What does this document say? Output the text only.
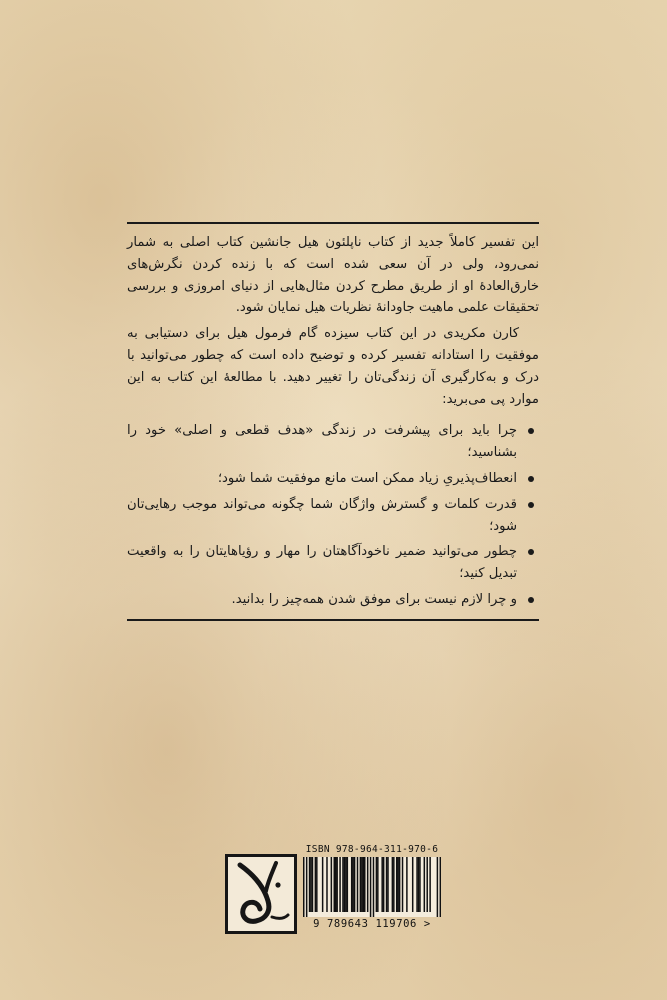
این تفسیر کاملاً جدید از کتاب ناپلئون هیل جانشین کتاب اصلی به شمار نمی‌رود، ولی در آن سعی شده است که با زنده کردن نگرش‌های خارق‌العادهٔ او از طریق مطرح کردن مثال‌هایی از دنیای امروزی و بررسی تحقیقات علمی ماهیت جاودانهٔ نظریات هیل نمایان شود.

کارن مکریدی در این کتاب سیزده گام فرمول هیل برای دستیابی به موفقیت را استادانه تفسیر کرده و توضیح داده است که چطور می‌توانید با درک و به‌کارگیری آن زندگی‌تان را تغییر دهید. با مطالعهٔ این کتاب به این موارد پی می‌برید:

چرا باید برای پیشرفت در زندگی «هدف قطعی و اصلی» خود را بشناسید؛
انعطاف‌پذیریِ زیاد ممکن است مانع موفقیت شما شود؛
قدرت کلمات و گسترش واژگان شما چگونه می‌تواند موجب رهایی‌تان شود؛
چطور می‌توانید ضمیر ناخودآگاهتان را مهار و رؤیاهایتان را به واقعیت تبدیل کنید؛
و چرا لازم نیست برای موفق شدن همه‌چیز را بدانید.
ISBN 978-964-311-970-6
9 789643 119706 >
